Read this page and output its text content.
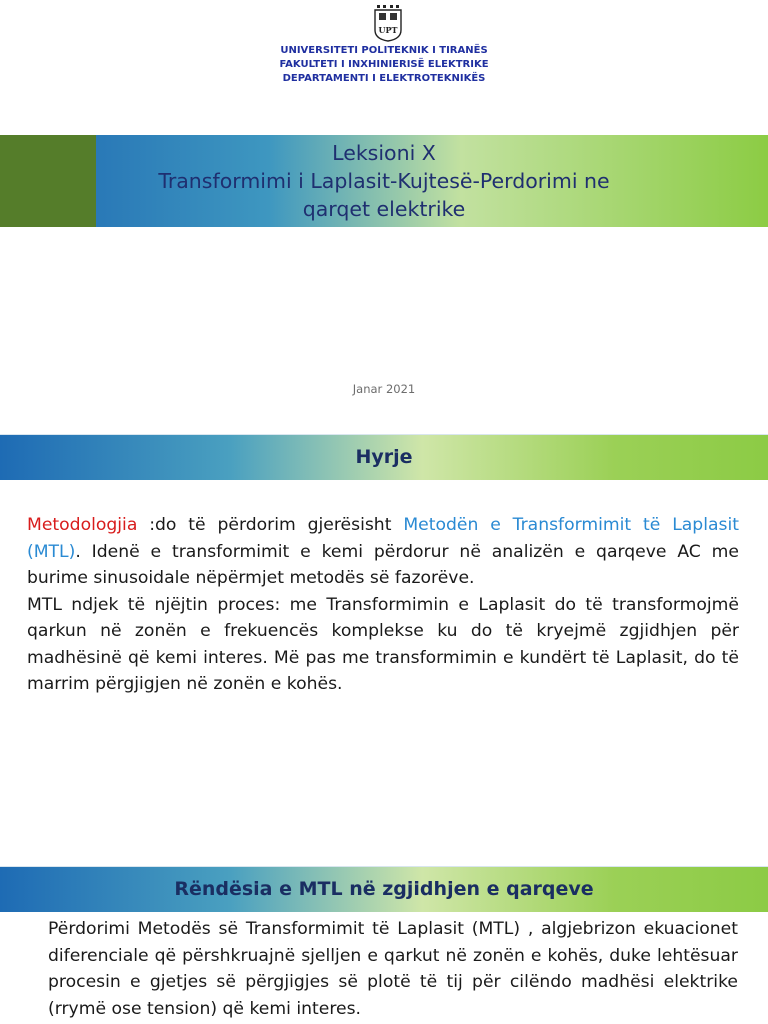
UPT
UNIVERSITETI POLITEKNIK I TIRANËS
FAKULTETI I INXHINIERISË ELEKTRIKE
DEPARTAMENTI I ELEKTROTEKNIKËS
Leksioni X
Transformimi i Laplasit-Kujtesë-Perdorimi ne
qarqet elektrike
Janar 2021
Hyrje
Metodologjia :do të përdorim gjerësisht Metodën e Transformimit të Laplasit (MTL). Idenë e transformimit e kemi përdorur në analizën e qarqeve AC me burime sinusoidale nëpërmjet metodës së fazorëve.
MTL ndjek të njëjtin proces: me Transformimin e Laplasit do të transformojmë qarkun në zonën e frekuencës komplekse ku do të kryejmë zgjidhjen për madhësinë që kemi interes. Më pas me transformimin e kundërt të Laplasit, do të marrim përgjigjen në zonën e kohës.
Rëndësia e MTL në zgjidhjen e qarqeve
Përdorimi Metodës së Transformimit të Laplasit (MTL) , algjebrizon ekuacionet diferenciale që përshkruajnë sjelljen e qarkut në zonën e kohës, duke lehtësuar procesin e gjetjes së përgjigjes së plotë të tij për cilëndo madhësi elektrike (rrymë ose tension) që kemi interes.
